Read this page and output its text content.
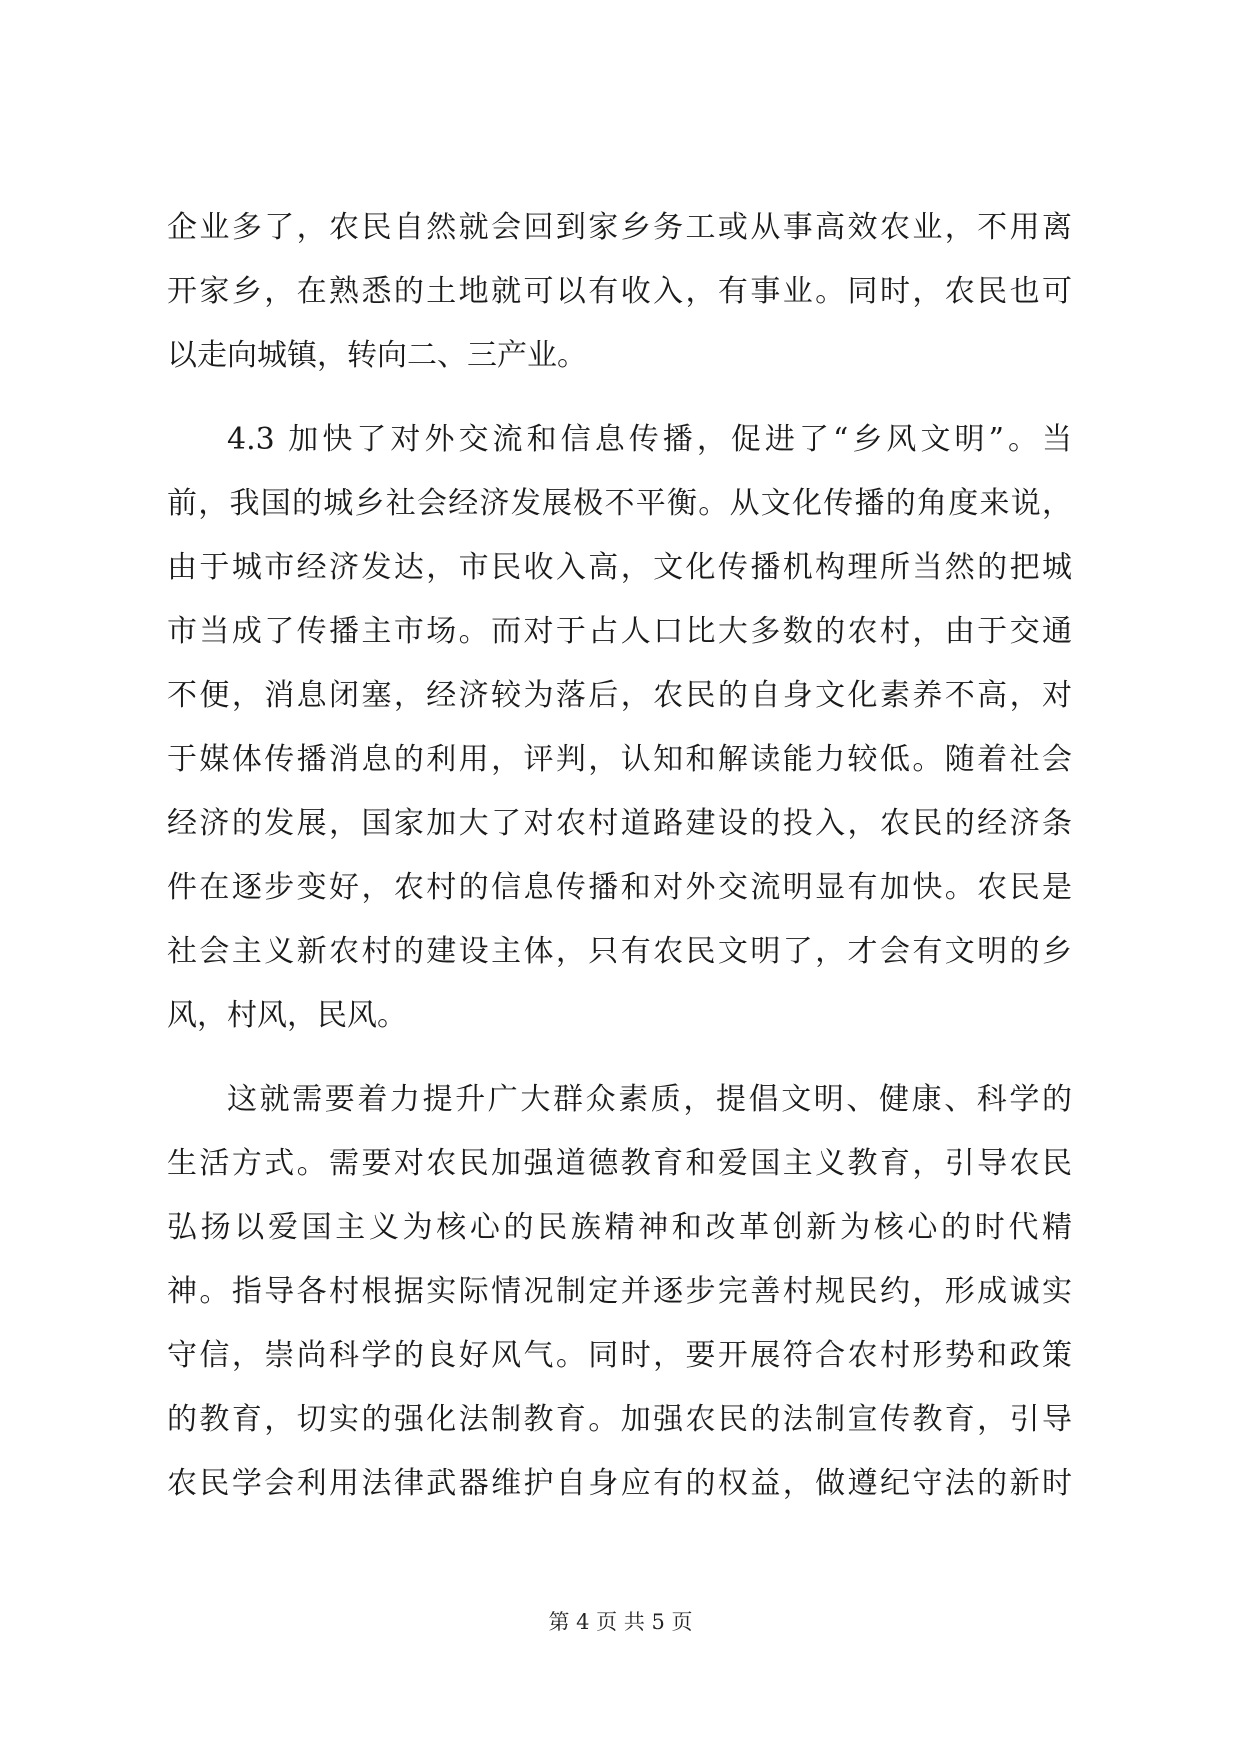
企业多了，农民自然就会回到家乡务工或从事高效农业，不用离
开家乡，在熟悉的土地就可以有收入，有事业。同时，农民也可
以走向城镇，转向二、三产业。
4.3 加快了对外交流和信息传播，促进了“乡风文明”。当
前，我国的城乡社会经济发展极不平衡。从文化传播的角度来说，
由于城市经济发达，市民收入高，文化传播机构理所当然的把城
市当成了传播主市场。而对于占人口比大多数的农村，由于交通
不便，消息闭塞，经济较为落后，农民的自身文化素养不高，对
于媒体传播消息的利用，评判，认知和解读能力较低。随着社会
经济的发展，国家加大了对农村道路建设的投入，农民的经济条
件在逐步变好，农村的信息传播和对外交流明显有加快。农民是
社会主义新农村的建设主体，只有农民文明了，才会有文明的乡
风，村风，民风。
这就需要着力提升广大群众素质，提倡文明、健康、科学的
生活方式。需要对农民加强道德教育和爱国主义教育，引导农民
弘扬以爱国主义为核心的民族精神和改革创新为核心的时代精
神。指导各村根据实际情况制定并逐步完善村规民约，形成诚实
守信，崇尚科学的良好风气。同时，要开展符合农村形势和政策
的教育，切实的强化法制教育。加强农民的法制宣传教育，引导
农民学会利用法律武器维护自身应有的权益，做遵纪守法的新时
第 4 页 共 5 页
